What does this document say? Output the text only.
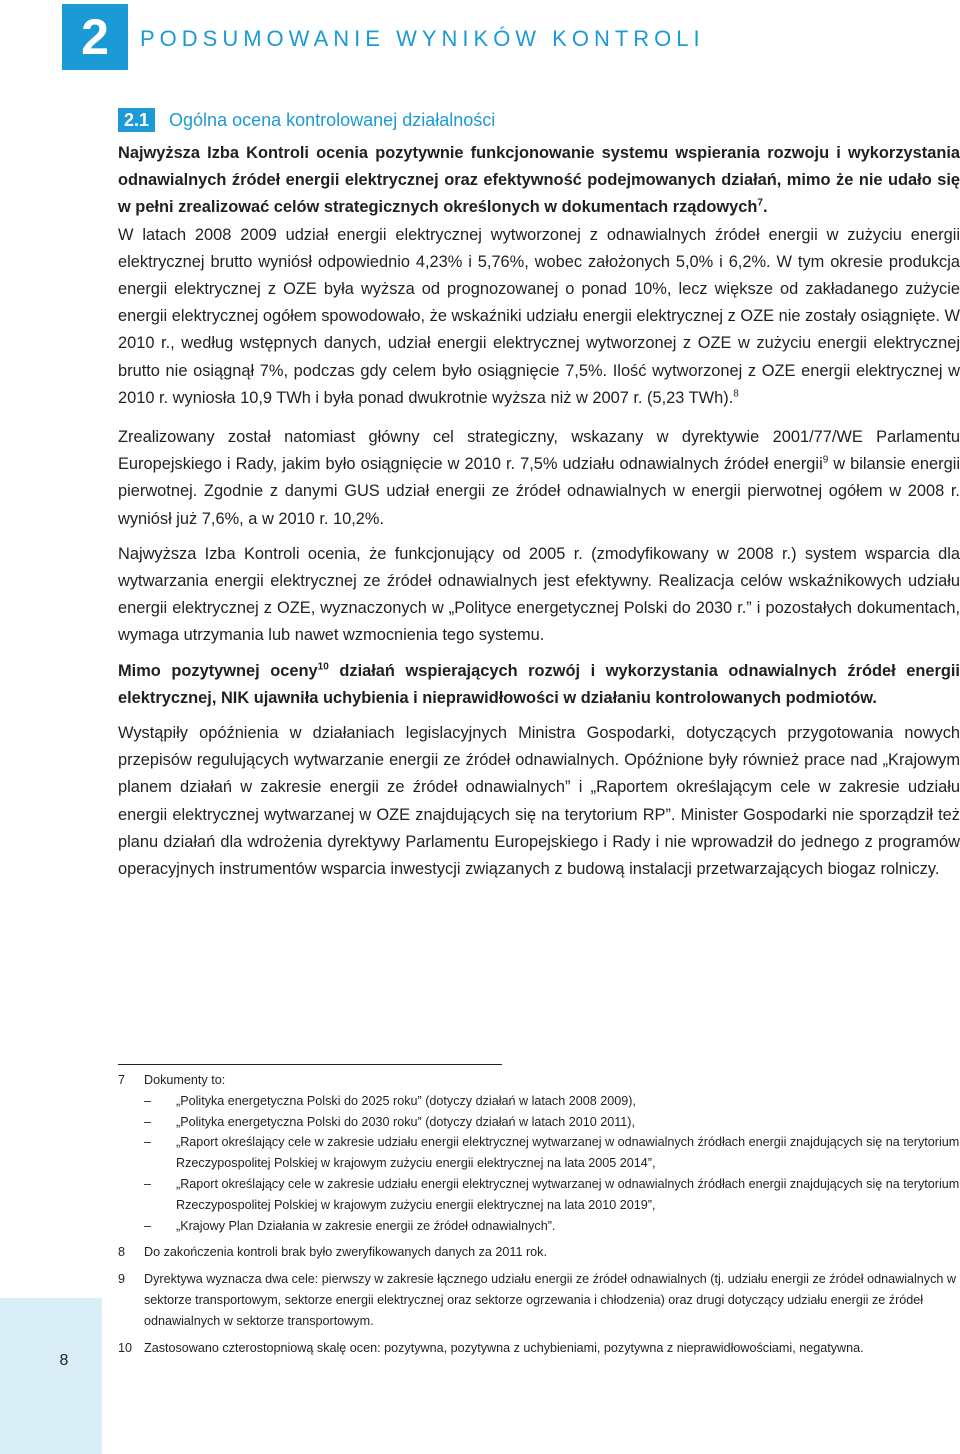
2	PODSUMOWANIE WYNIKÓW KONTROLI
2.1 Ogólna ocena kontrolowanej działalności

Najwyższa Izba Kontroli ocenia pozytywnie funkcjonowanie systemu wspierania rozwoju i wykorzystania odnawialnych źródeł energii elektrycznej oraz efektywność podejmowanych działań, mimo że nie udało się w pełni zrealizować celów strategicznych określonych w dokumentach rządowych$^7$.

W latach 2008 2009 udział energii elektrycznej wytworzonej z odnawialnych źródeł energii w zużyciu energii elektrycznej brutto wyniósł odpowiednio 4,23% i 5,76%, wobec założonych 5,0% i 6,2%. W tym okresie produkcja energii elektrycznej z OZE była wyższa od prognozowanej o ponad 10%, lecz większe od zakładanego zużycie energii elektrycznej ogółem spowodowało, że wskaźniki udziału energii elektrycznej z OZE nie zostały osiągnięte. W 2010 r., według wstępnych danych, udział energii elektrycznej wytworzonej z OZE w zużyciu energii elektrycznej brutto nie osiągnął 7%, podczas gdy celem było osiągnięcie 7,5%. Ilość wytworzonej z OZE energii elektrycznej w 2010 r. wyniosła 10,9 TWh i była ponad dwukrotnie wyższa niż w 2007 r. (5,23 TWh).$^8$

Zrealizowany został natomiast główny cel strategiczny, wskazany w dyrektywie 2001/77/WE Parlamentu Europejskiego i Rady, jakim było osiągnięcie w 2010 r. 7,5% udziału odnawialnych źródeł energii$^9$ w bilansie energii pierwotnej. Zgodnie z danymi GUS udział energii ze źródeł odnawialnych w energii pierwotnej ogółem w 2008 r. wyniósł już 7,6%, a w 2010 r. 10,2%.

Najwyższa Izba Kontroli ocenia, że funkcjonujący od 2005 r. (zmodyfikowany w 2008 r.) system wsparcia dla wytwarzania energii elektrycznej ze źródeł odnawialnych jest efektywny. Realizacja celów wskaźnikowych udziału energii elektrycznej z OZE, wyznaczonych w „Polityce energetycznej Polski do 2030 r.” i pozostałych dokumentach, wymaga utrzymania lub nawet wzmocnienia tego systemu.

Mimo pozytywnej oceny$^{10}$ działań wspierających rozwój i wykorzystania odnawialnych źródeł energii elektrycznej, NIK ujawniła uchybienia i nieprawidłowości w działaniu kontrolowanych podmiotów.

Wystąpiły opóźnienia w działaniach legislacyjnych Ministra Gospodarki, dotyczących przygotowania nowych przepisów regulujących wytwarzanie energii ze źródeł odnawialnych. Opóźnione były również prace nad „Krajowym planem działań w zakresie energii ze źródeł odnawialnych” i „Raportem określającym cele w zakresie udziału energii elektrycznej wytwarzanej w OZE znajdujących się na terytorium RP”. Minister Gospodarki nie sporządził też planu działań dla wdrożenia dyrektywy Parlamentu Europejskiego i Rady i nie wprowadził do jednego z programów operacyjnych instrumentów wsparcia inwestycji związanych z budową instalacji przetwarzających biogaz rolniczy.

7	Dokumenty to:
–	„Polityka energetyczna Polski do 2025 roku” (dotyczy działań w latach 2008 2009),
–	„Polityka energetyczna Polski do 2030 roku” (dotyczy działań w latach 2010 2011),
–	„Raport określający cele w zakresie udziału energii elektrycznej wytwarzanej w odnawialnych źródłach energii znajdujących się na terytorium Rzeczypospolitej Polskiej w krajowym zużyciu energii elektrycznej na lata 2005 2014”,
–	„Raport określający cele w zakresie udziału energii elektrycznej wytwarzanej w odnawialnych źródłach energii znajdujących się na terytorium Rzeczypospolitej Polskiej w krajowym zużyciu energii elektrycznej na lata 2010 2019”,
–	„Krajowy Plan Działania w zakresie energii ze źródeł odnawialnych”.
8	Do zakończenia kontroli brak było zweryfikowanych danych za 2011 rok.
9	Dyrektywa wyznacza dwa cele: pierwszy w zakresie łącznego udziału energii ze źródeł odnawialnych (tj. udziału energii ze źródeł odnawialnych w sektorze transportowym, sektorze energii elektrycznej oraz sektorze ogrzewania i chłodzenia) oraz drugi dotyczący udziału energii ze źródeł odnawialnych w sektorze transportowym.
10 Zastosowano czterostopniową skalę ocen: pozytywna, pozytywna z uchybieniami, pozytywna z nieprawidłowościami, negatywna.
8
